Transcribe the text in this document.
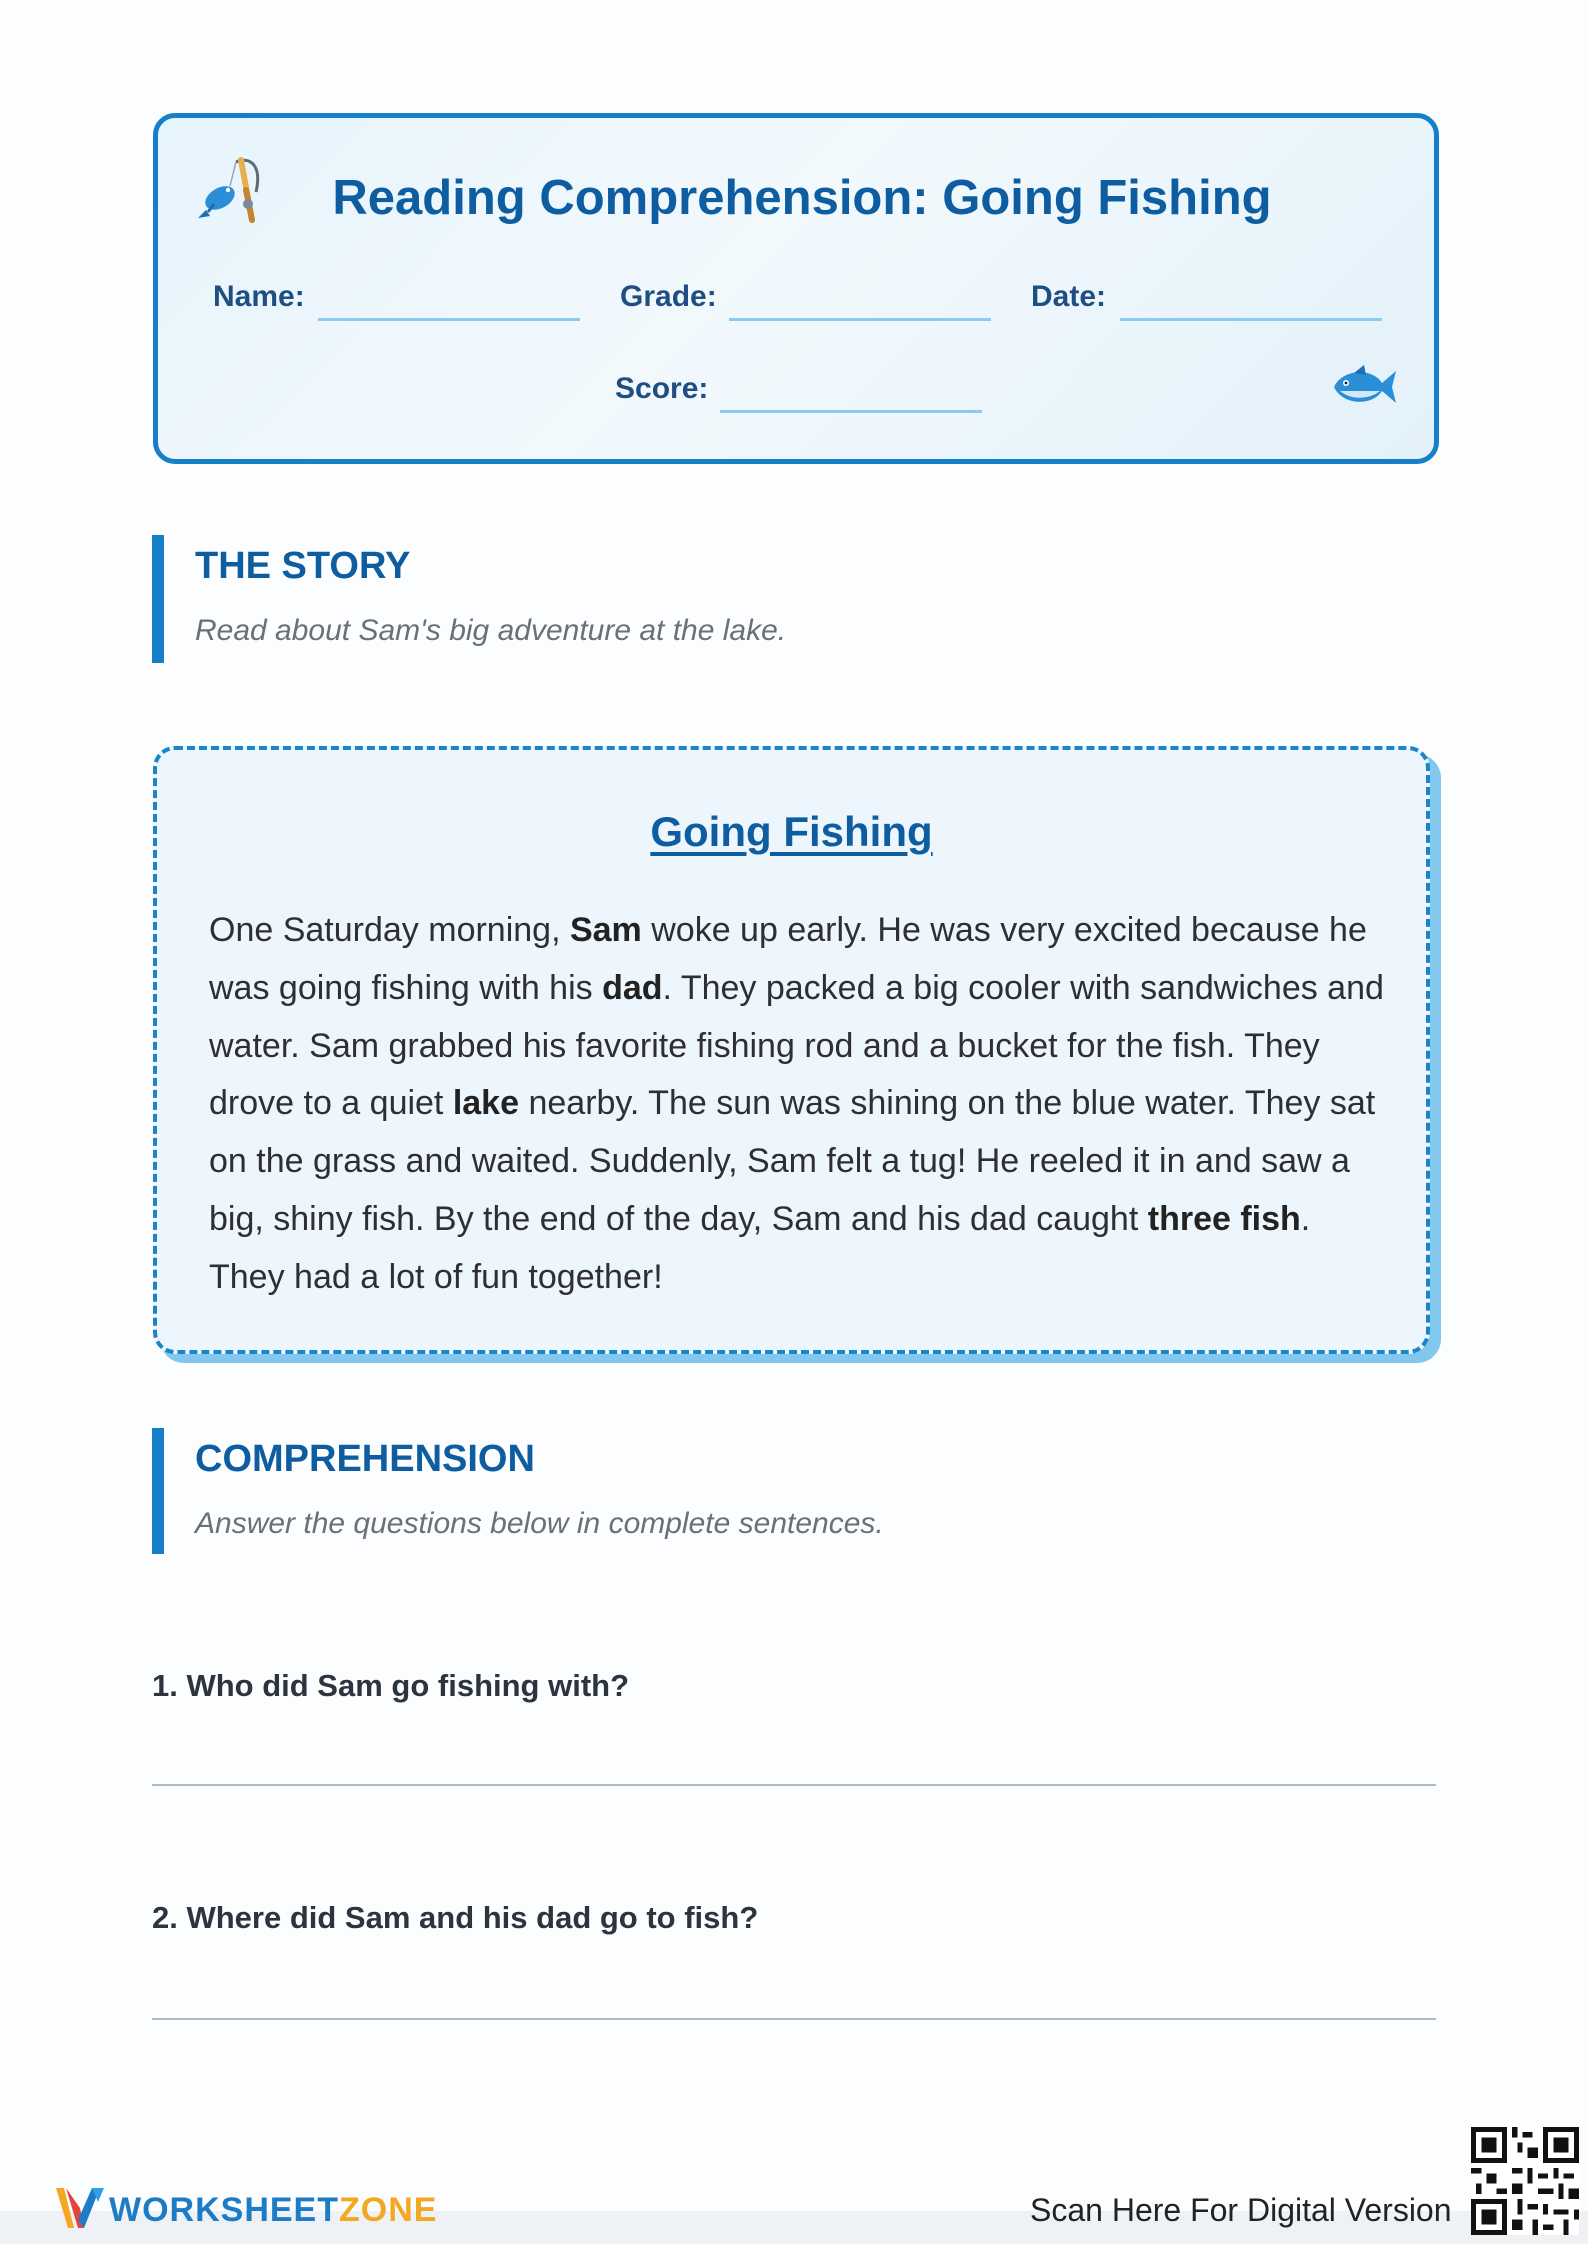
Reading Comprehension: Going Fishing
Name:	Grade:	Date:
Score:
THE STORY
Read about Sam's big adventure at the lake.
Going Fishing
One Saturday morning, Sam woke up early. He was very excited because he was going fishing with his dad. They packed a big cooler with sandwiches and water. Sam grabbed his favorite fishing rod and a bucket for the fish. They drove to a quiet lake nearby. The sun was shining on the blue water. They sat on the grass and waited. Suddenly, Sam felt a tug! He reeled it in and saw a big, shiny fish. By the end of the day, Sam and his dad caught three fish. They had a lot of fun together!
COMPREHENSION
Answer the questions below in complete sentences.
1. Who did Sam go fishing with?
2. Where did Sam and his dad go to fish?
WORKSHEETZONE	Scan Here For Digital Version
